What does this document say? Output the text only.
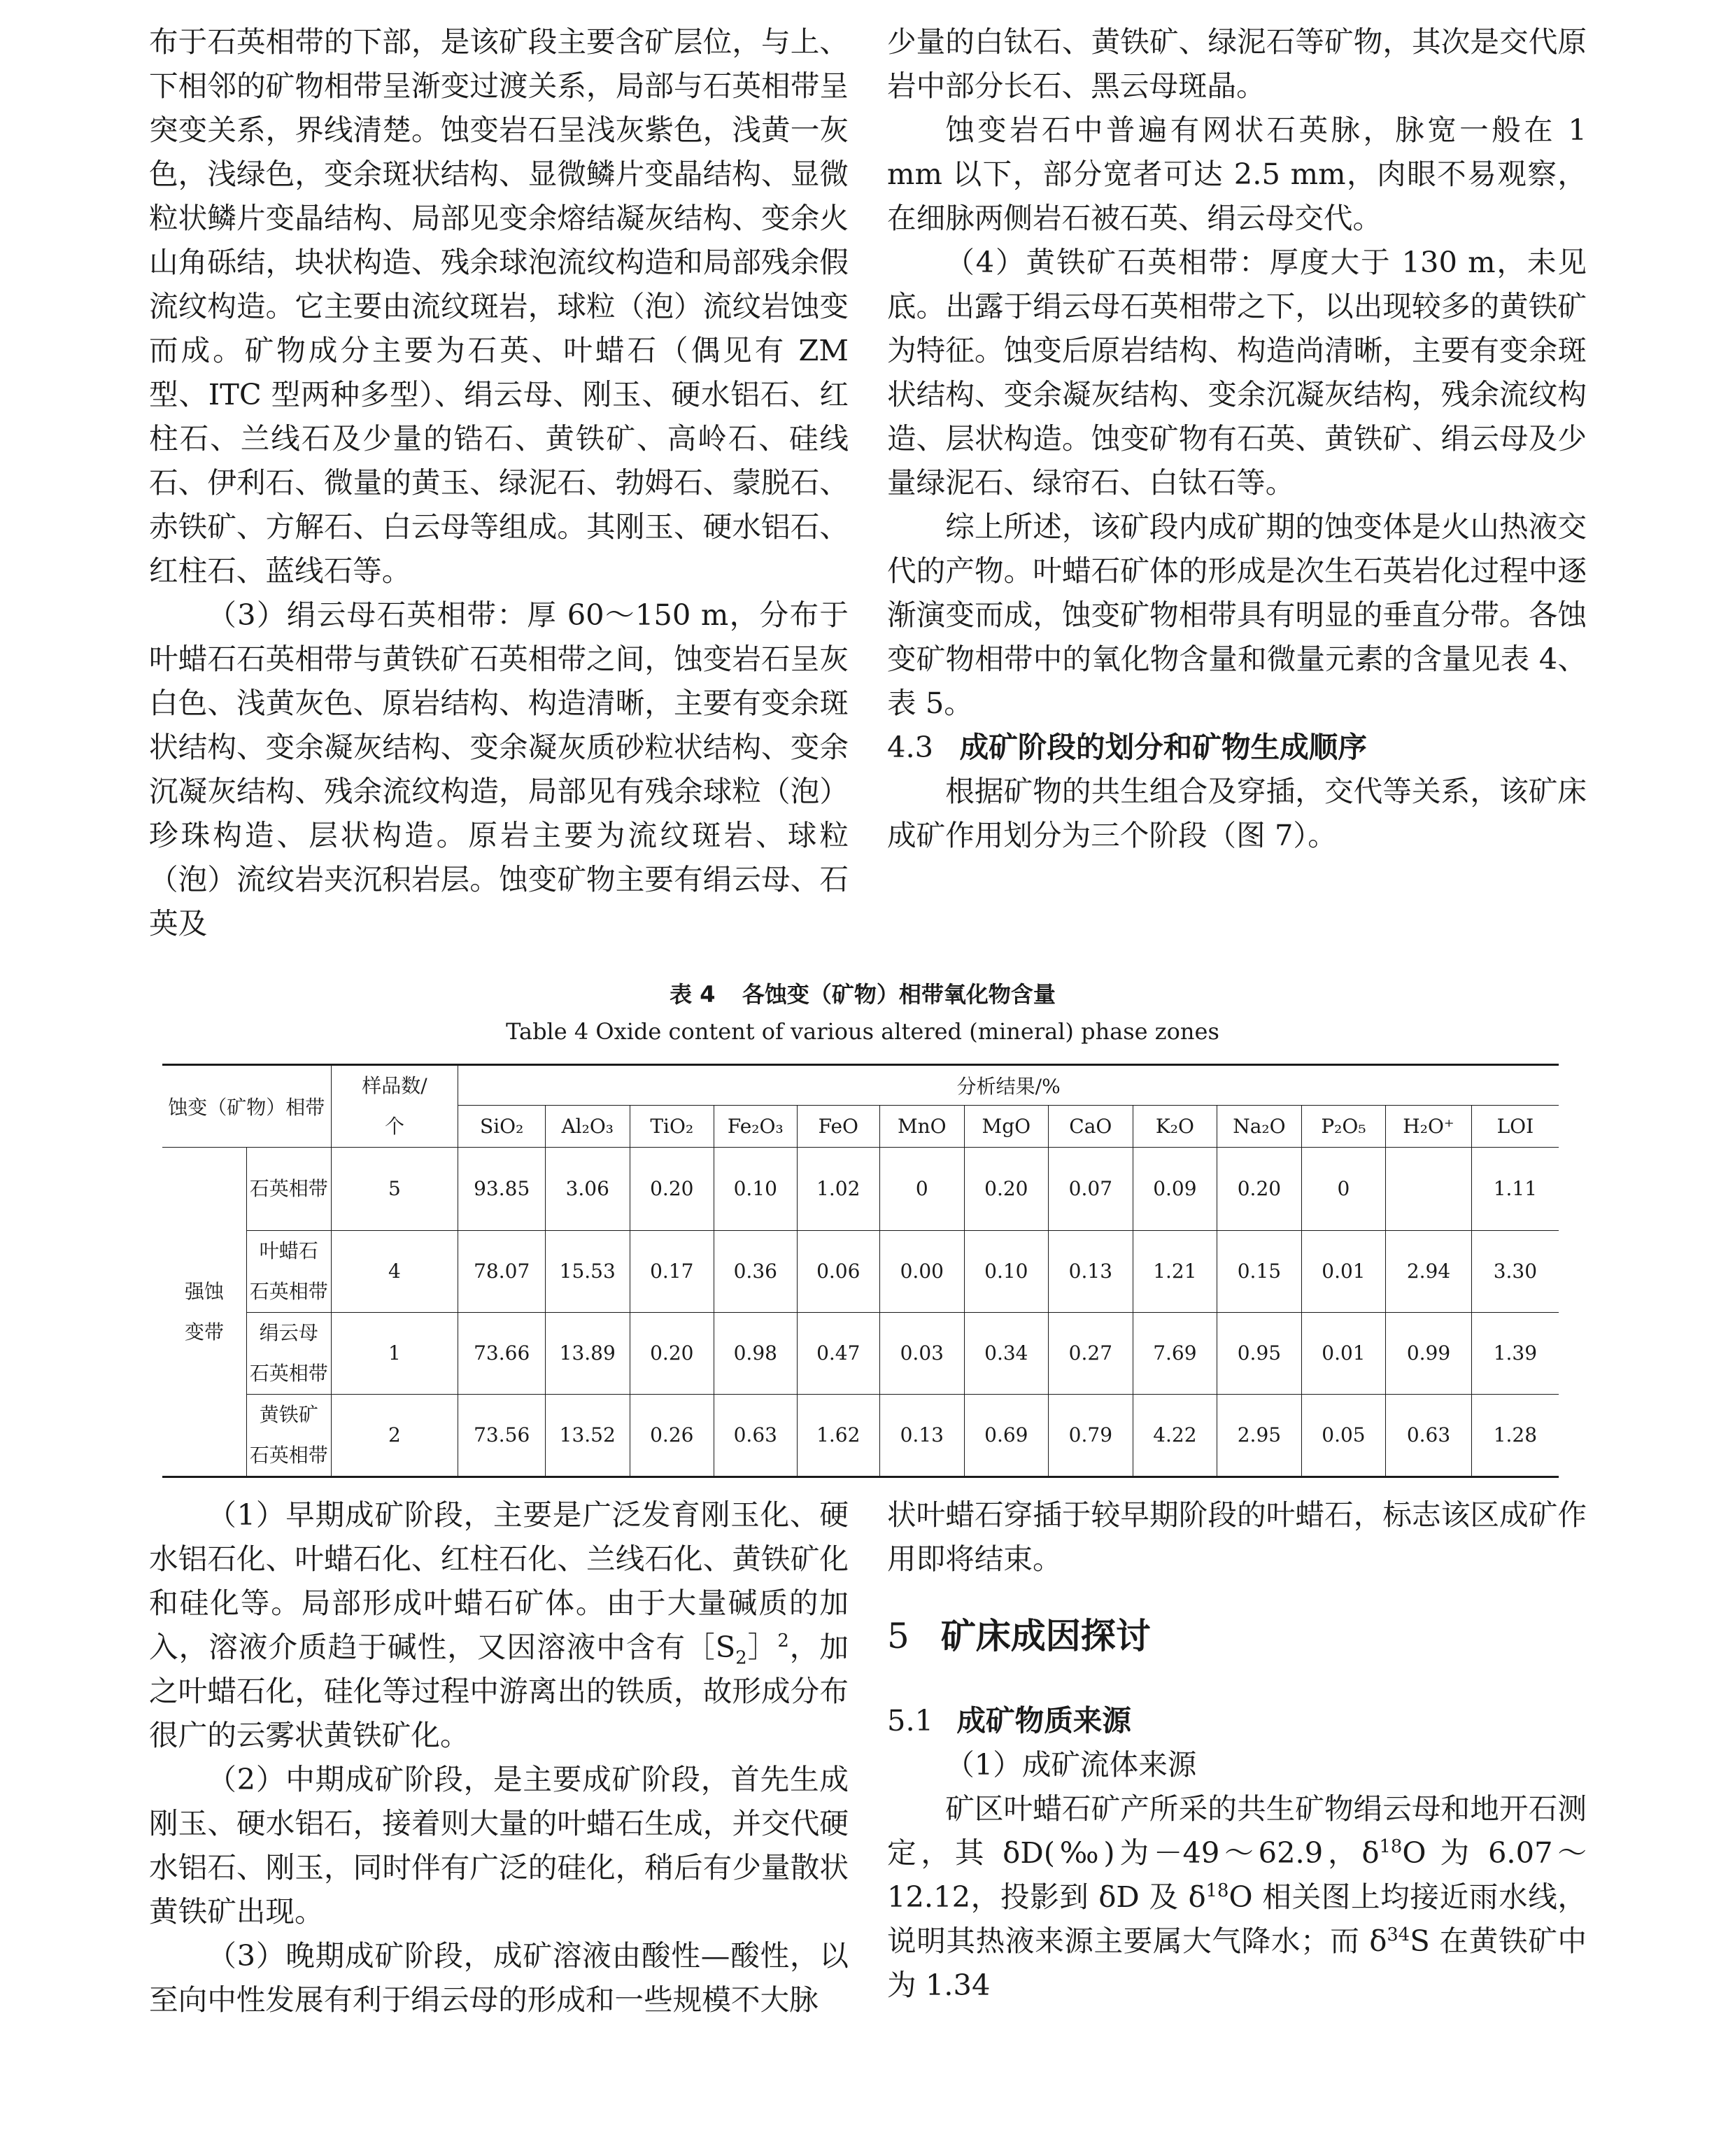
布于石英相带的下部，是该矿段主要含矿层位，与上、下相邻的矿物相带呈渐变过渡关系，局部与石英相带呈突变关系，界线清楚。蚀变岩石呈浅灰紫色，浅黄一灰色，浅绿色，变余斑状结构、显微鳞片变晶结构、显微粒状鳞片变晶结构、局部见变余熔结凝灰结构、变余火山角砾结，块状构造、残余球泡流纹构造和局部残余假流纹构造。它主要由流纹斑岩，球粒（泡）流纹岩蚀变而成。矿物成分主要为石英、叶蜡石（偶见有 ZM 型、ITC 型两种多型）、绢云母、刚玉、硬水铝石、红柱石、兰线石及少量的锆石、黄铁矿、高岭石、硅线石、伊利石、微量的黄玉、绿泥石、勃姆石、蒙脱石、赤铁矿、方解石、白云母等组成。其刚玉、硬水铝石、红柱石、蓝线石等。

（3）绢云母石英相带：厚 60～150 m，分布于叶蜡石石英相带与黄铁矿石英相带之间，蚀变岩石呈灰白色、浅黄灰色、原岩结构、构造清晰，主要有变余斑状结构、变余凝灰结构、变余凝灰质砂粒状结构、变余沉凝灰结构、残余流纹构造，局部见有残余球粒（泡）珍珠构造、层状构造。原岩主要为流纹斑岩、球粒（泡）流纹岩夹沉积岩层。蚀变矿物主要有绢云母、石英及

少量的白钛石、黄铁矿、绿泥石等矿物，其次是交代原岩中部分长石、黑云母斑晶。

蚀变岩石中普遍有网状石英脉，脉宽一般在 1 mm 以下，部分宽者可达 2.5 mm，肉眼不易观察，在细脉两侧岩石被石英、绢云母交代。

（4）黄铁矿石英相带：厚度大于 130 m，未见底。出露于绢云母石英相带之下，以出现较多的黄铁矿为特征。蚀变后原岩结构、构造尚清晰，主要有变余斑状结构、变余凝灰结构、变余沉凝灰结构，残余流纹构造、层状构造。蚀变矿物有石英、黄铁矿、绢云母及少量绿泥石、绿帘石、白钛石等。

综上所述，该矿段内成矿期的蚀变体是火山热液交代的产物。叶蜡石矿体的形成是次生石英岩化过程中逐渐演变而成，蚀变矿物相带具有明显的垂直分带。各蚀变矿物相带中的氧化物含量和微量元素的含量见表 4、表 5。

4.3 成矿阶段的划分和矿物生成顺序

根据矿物的共生组合及穿插，交代等关系，该矿床成矿作用划分为三个阶段（图 7）。

表 4 各蚀变（矿物）相带氧化物含量
Table 4 Oxide content of various altered (mineral) phase zones
蚀变（矿物）相带		样品数/
个	分析结果/%												
			SiO₂	Al₂O₃	TiO₂	Fe₂O₃	FeO	MnO	MgO	CaO	K₂O	Na₂O	P₂O₅	H₂O⁺	LOI
强蚀
变带	石英相带	5	93.85	3.06	0.20	0.10	1.02	0	0.20	0.07	0.09	0.20	0		1.11
	叶蜡石
石英相带	4	78.07	15.53	0.17	0.36	0.06	0.00	0.10	0.13	1.21	0.15	0.01	2.94	3.30
	绢云母
石英相带	1	73.66	13.89	0.20	0.98	0.47	0.03	0.34	0.27	7.69	0.95	0.01	0.99	1.39
	黄铁矿
石英相带	2	73.56	13.52	0.26	0.63	1.62	0.13	0.69	0.79	4.22	2.95	0.05	0.63	1.28

（1）早期成矿阶段，主要是广泛发育刚玉化、硬水铝石化、叶蜡石化、红柱石化、兰线石化、黄铁矿化和硅化等。局部形成叶蜡石矿体。由于大量碱质的加入，溶液介质趋于碱性，又因溶液中含有$[S_2]^2$，加之叶蜡石化，硅化等过程中游离出的铁质，故形成分布很广的云雾状黄铁矿化。

（2）中期成矿阶段，是主要成矿阶段，首先生成刚玉、硬水铝石，接着则大量的叶蜡石生成，并交代硬水铝石、刚玉，同时伴有广泛的硅化，稍后有少量散状黄铁矿出现。

（3）晚期成矿阶段，成矿溶液由酸性—酸性，以至向中性发展有利于绢云母的形成和一些规模不大脉

状叶蜡石穿插于较早期阶段的叶蜡石，标志该区成矿作用即将结束。

5 矿床成因探讨

5.1 成矿物质来源

（1）成矿流体来源

矿区叶蜡石矿产所采的共生矿物绢云母和地开石测定，其 δD(‰)为－49～62.9，$\delta^{18}O$ 为 6.07～12.12，投影到 δD 及 $\delta^{18}O$ 相关图上均接近雨水线，说明其热液来源主要属大气降水；而 $\delta^{34}S$ 在黄铁矿中为 1.34
